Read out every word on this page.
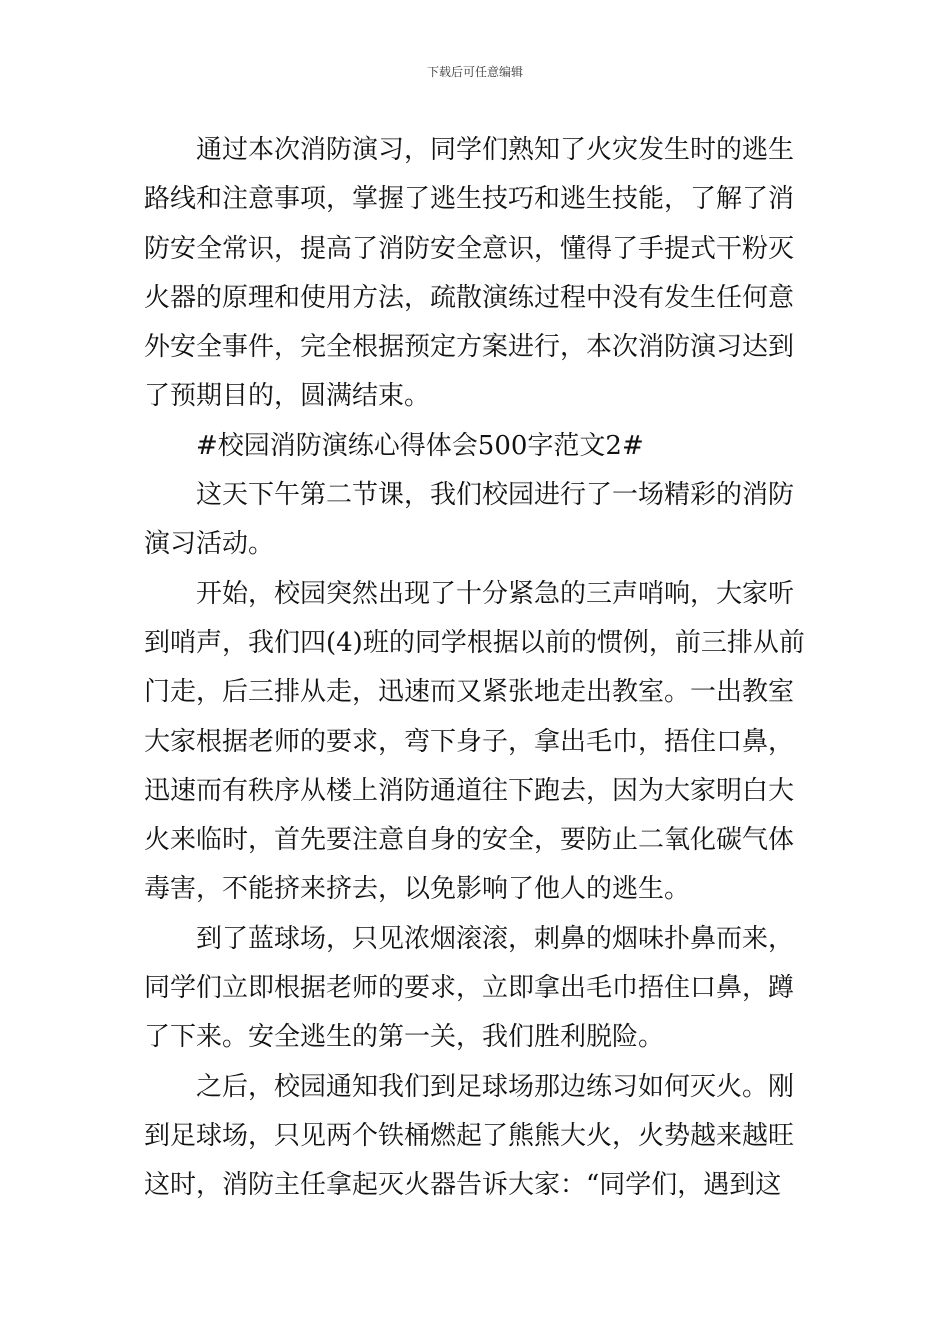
下载后可任意编辑

通过本次消防演习，同学们熟知了火灾发生时的逃生
路线和注意事项，掌握了逃生技巧和逃生技能，了解了消
防安全常识，提高了消防安全意识，懂得了手提式干粉灭
火器的原理和使用方法，疏散演练过程中没有发生任何意
外安全事件，完全根据预定方案进行，本次消防演习达到
了预期目的，圆满结束。

#校园消防演练心得体会500字范文2#

这天下午第二节课，我们校园进行了一场精彩的消防
演习活动。

开始，校园突然出现了十分紧急的三声哨响，大家听
到哨声，我们四(4)班的同学根据以前的惯例，前三排从前
门走，后三排从走，迅速而又紧张地走出教室。一出教室
大家根据老师的要求，弯下身子，拿出毛巾，捂住口鼻，
迅速而有秩序从楼上消防通道往下跑去，因为大家明白大
火来临时，首先要注意自身的安全，要防止二氧化碳气体
毒害，不能挤来挤去，以免影响了他人的逃生。

到了蓝球场，只见浓烟滚滚，刺鼻的烟味扑鼻而来，
同学们立即根据老师的要求，立即拿出毛巾捂住口鼻，蹲
了下来。安全逃生的第一关，我们胜利脱险。

之后，校园通知我们到足球场那边练习如何灭火。刚
到足球场，只见两个铁桶燃起了熊熊大火，火势越来越旺
这时，消防主任拿起灭火器告诉大家：“同学们，遇到这
